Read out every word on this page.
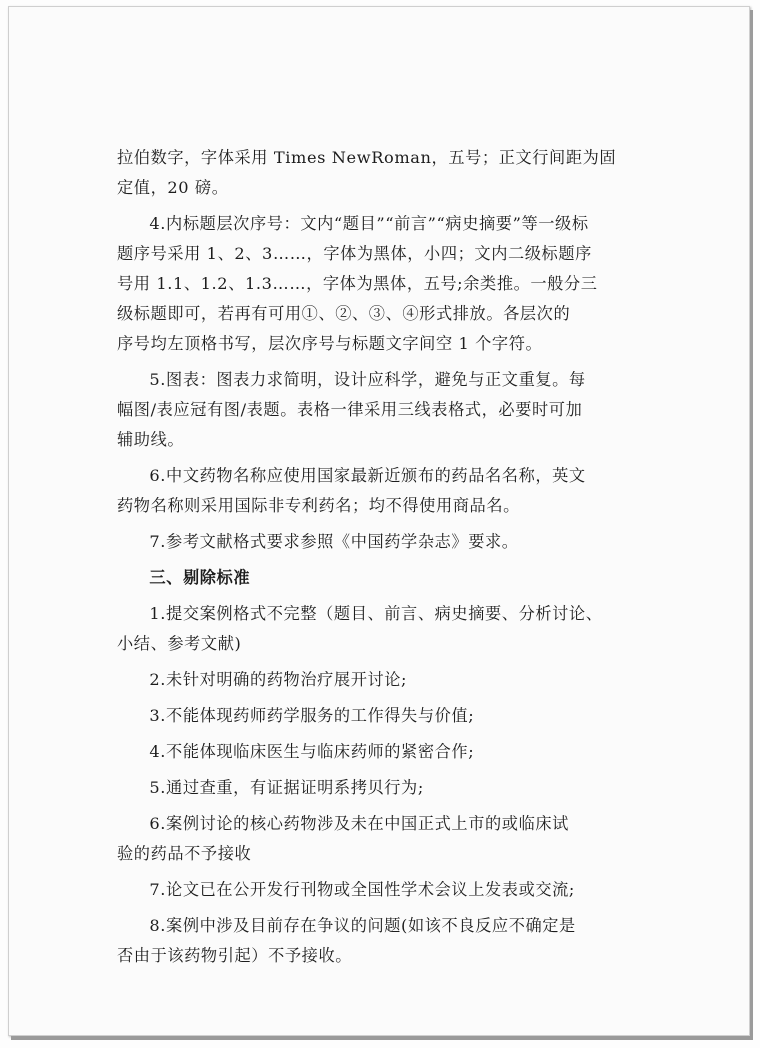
拉伯数字，字体采用 Times NewRoman，五号；正文行间距为固
定值，20 磅。
4.内标题层次序号：文内“题目”“前言”“病史摘要”等一级标
题序号采用 1、2、3……，字体为黑体，小四；文内二级标题序
号用 1.1、1.2、1.3……，字体为黑体，五号;余类推。一般分三
级标题即可，若再有可用①、②、③、④形式排放。各层次的
序号均左顶格书写，层次序号与标题文字间空 1 个字符。
5.图表：图表力求简明，设计应科学，避免与正文重复。每
幅图/表应冠有图/表题。表格一律采用三线表格式，必要时可加
辅助线。
6.中文药物名称应使用国家最新近颁布的药品名名称，英文
药物名称则采用国际非专利药名；均不得使用商品名。
7.参考文献格式要求参照《中国药学杂志》要求。
三、剔除标准
1.提交案例格式不完整（题目、前言、病史摘要、分析讨论、
小结、参考文献)
2.未针对明确的药物治疗展开讨论;
3.不能体现药师药学服务的工作得失与价值;
4.不能体现临床医生与临床药师的紧密合作;
5.通过查重，有证据证明系拷贝行为;
6.案例讨论的核心药物涉及未在中国正式上市的或临床试
验的药品不予接收
7.论文已在公开发行刊物或全国性学术会议上发表或交流;
8.案例中涉及目前存在争议的问题(如该不良反应不确定是
否由于该药物引起）不予接收。
